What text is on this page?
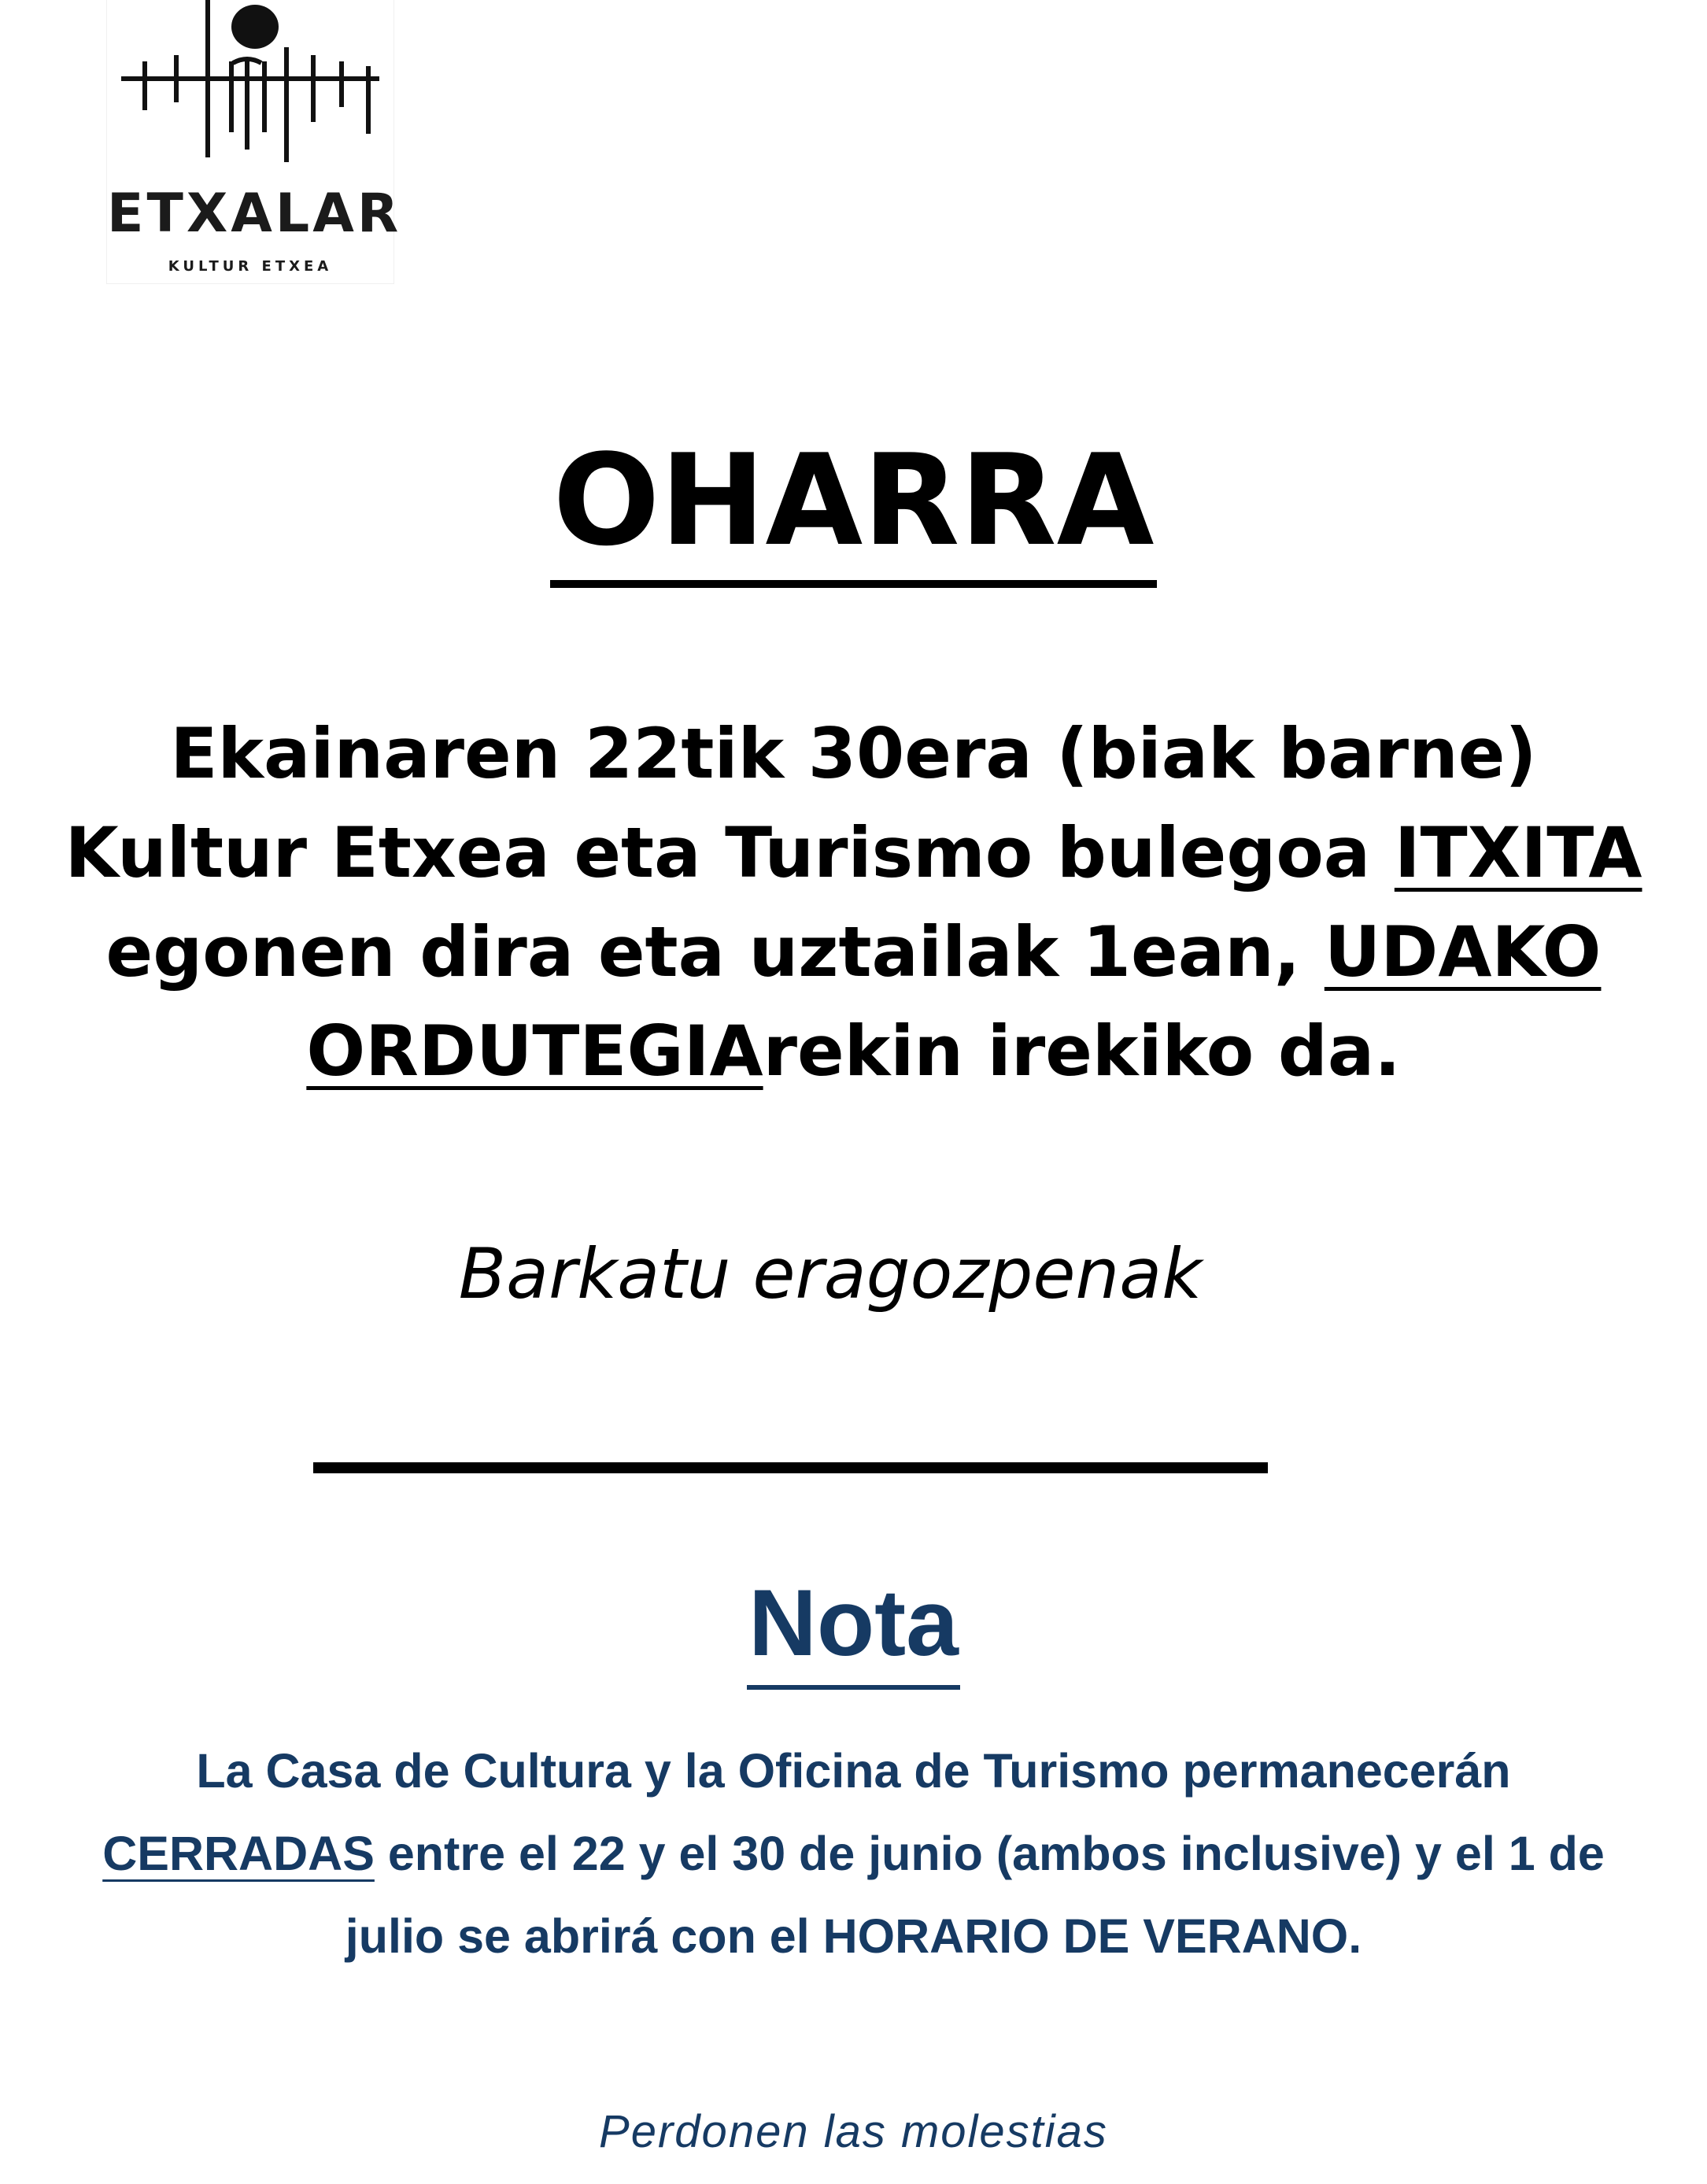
ETXALAR
KULTUR ETXEA
OHARRA

Ekainaren 22tik 30era (biak barne)
Kultur Etxea eta Turismo bulegoa ITXITA
egonen dira eta uztailak 1ean, UDAKO
ORDUTEGIArekin irekiko da.

Barkatu eragozpenak
Nota

La Casa de Cultura y la Oficina de Turismo permanecerán
CERRADAS entre el 22 y el 30 de junio (ambos inclusive) y el 1 de
julio se abrirá con el HORARIO DE VERANO.

Perdonen las molestias
